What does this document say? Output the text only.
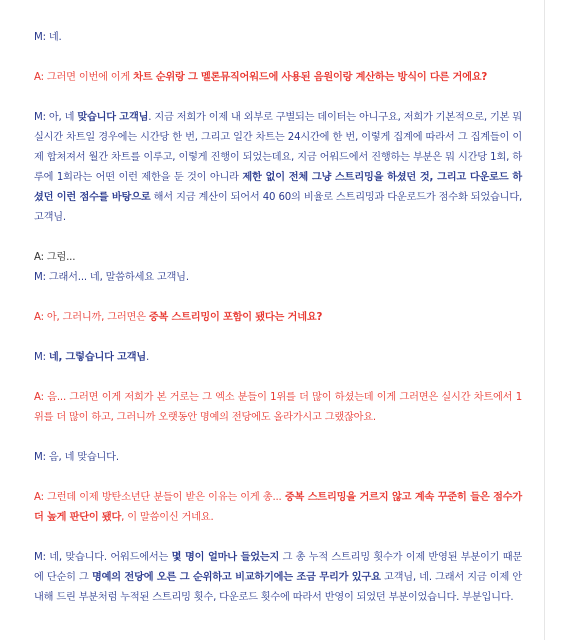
M: 네.

A: 그러면 이번에 이게 차트 순위랑 그 멜론뮤직어워드에 사용된 음원이랑 계산하는 방식이 다른 거에요?

M: 아, 네 맞습니다 고객님. 지금 저희가 이제 내 외부로 구별되는 데이터는 아니구요, 저희가 기본적으로, 기본 뭐 실시간 차트일 경우에는 시간당 한 번, 그리고 일간 차트는 24시간에 한 번, 이렇게 집계에 따라서 그 집계들이 이제 합쳐져서 월간 차트를 이루고, 이렇게 진행이 되었는데요, 지금 어워드에서 진행하는 부분은 뭐 시간당 1회, 하루에 1회라는 어떤 이런 제한을 둔 것이 아니라 제한 없이 전체 그냥 스트리밍을 하셨던 것, 그리고 다운로드 하셨던 이런 점수를 바탕으로 해서 지금 계산이 되어서 40 60의 비율로 스트리밍과 다운로드가 점수화 되었습니다, 고객님.

A: 그럼...

M: 그래서... 네, 말씀하세요 고객님.

A: 아, 그러니까, 그러면은 중복 스트리밍이 포함이 됐다는 거네요?

M: 네, 그렇습니다 고객님.

A: 음... 그러면 이게 저희가 본 거로는 그 엑소 분들이 1위를 더 많이 하셨는데 이게 그러면은 실시간 차트에서 1위를 더 많이 하고, 그러니까 오랫동안 명예의 전당에도 올라가시고 그랬잖아요.

M: 음, 네 맞습니다.

A: 그런데 이제 방탄소년단 분들이 받은 이유는 이게 총... 중복 스트리밍을 거르지 않고 계속 꾸준히 들은 점수가 더 높게 판단이 됐다, 이 말씀이신 거네요.

M: 네, 맞습니다. 어워드에서는 몇 명이 얼마나 들었는지 그 총 누적 스트리밍 횟수가 이제 반영된 부분이기 때문에 단순히 그 명예의 전당에 오른 그 순위하고 비교하기에는 조금 무리가 있구요 고객님, 네. 그래서 지금 이제 안내해 드린 부분처럼 누적된 스트리밍 횟수, 다운로드 횟수에 따라서 반영이 되었던 부분이었습니다. 부분입니다.
